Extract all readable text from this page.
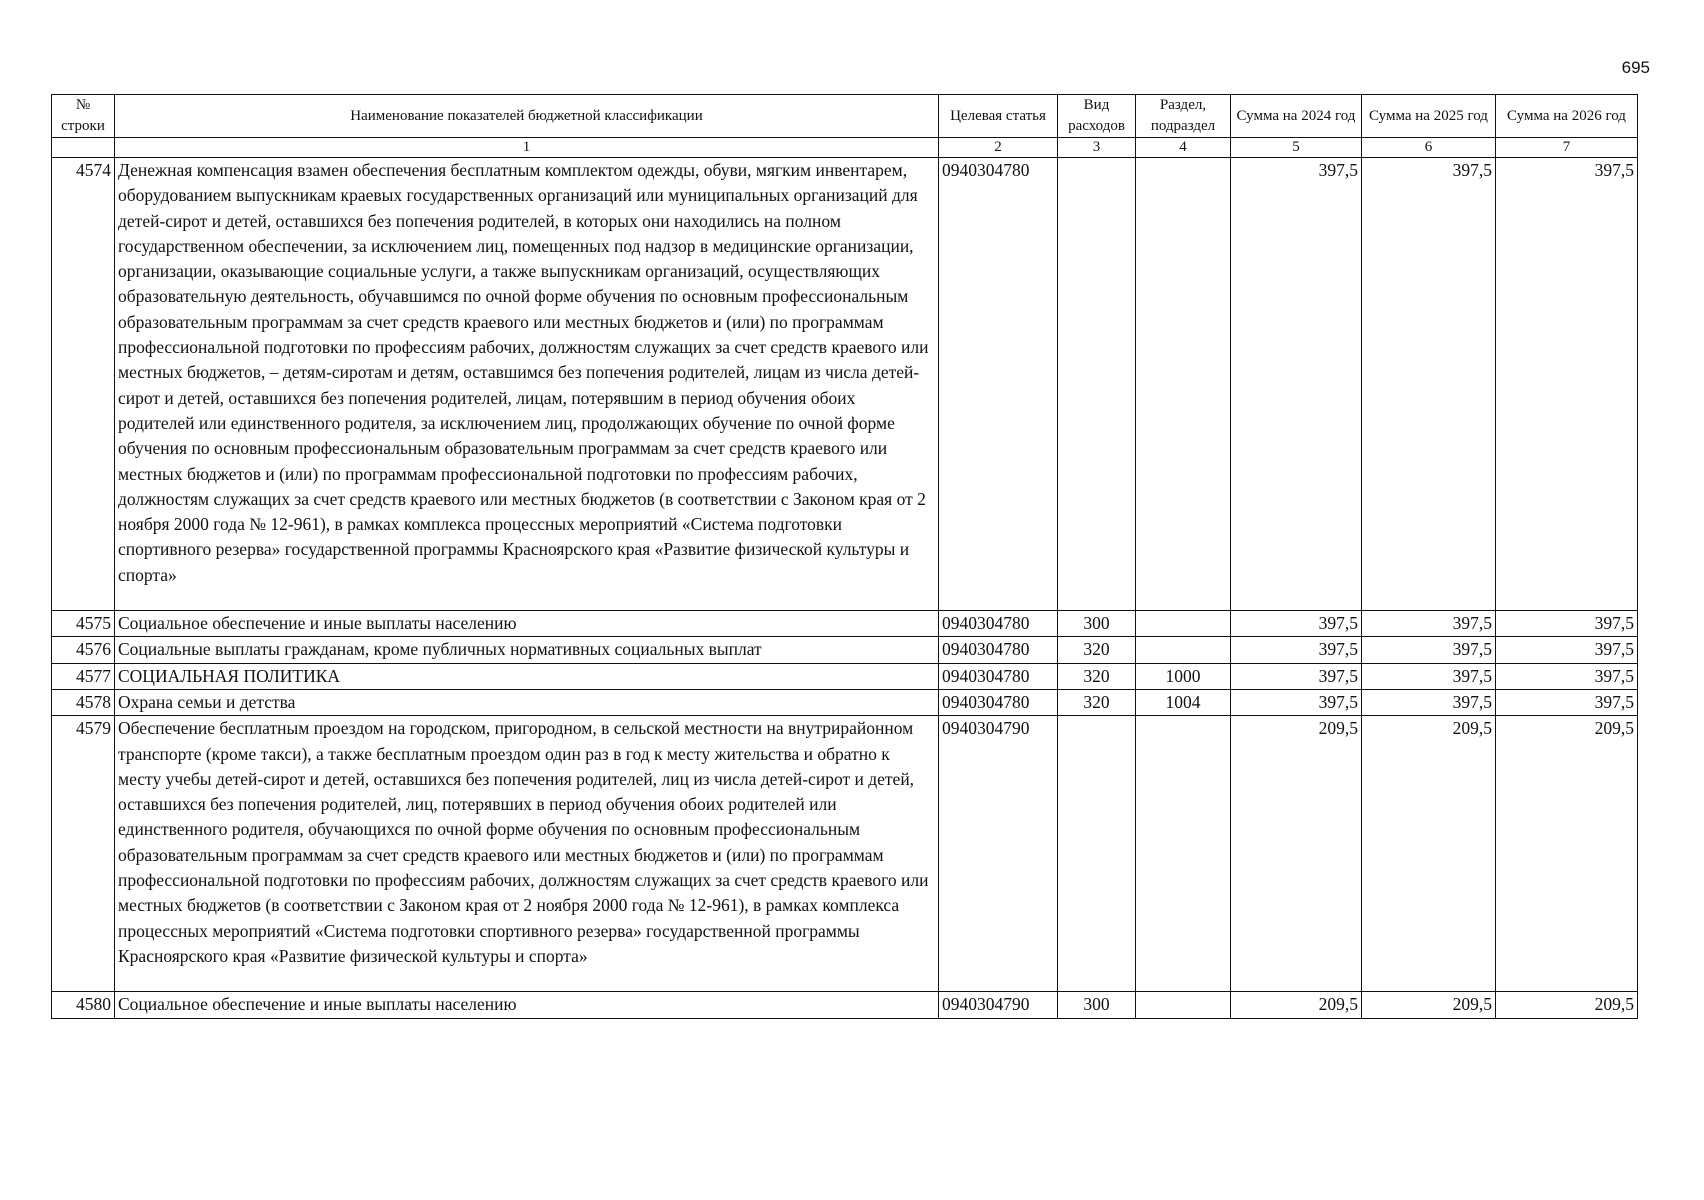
695
№ строки	Наименование показателей бюджетной классификации	Целевая статья	Вид расходов	Раздел, подраздел	Сумма на 2024 год	Сумма на 2025 год	Сумма на 2026 год
	1	2	3	4	5	6	7
4574	Денежная компенсация взамен обеспечения бесплатным комплектом одежды, обуви, мягким инвентарем, оборудованием выпускникам краевых государственных организаций или муниципальных организаций для детей-сирот и детей, оставшихся без попечения родителей, в которых они находились на полном государственном обеспечении, за исключением лиц, помещенных под надзор в медицинские организации, организации, оказывающие социальные услуги, а также выпускникам организаций, осуществляющих образовательную деятельность, обучавшимся по очной форме обучения по основным профессиональным образовательным программам за счет средств краевого или местных бюджетов и (или) по программам профессиональной подготовки по профессиям рабочих, должностям служащих за счет средств краевого или местных бюджетов, – детям-сиротам и детям, оставшимся без попечения родителей, лицам из числа детей-сирот и детей, оставшихся без попечения родителей, лицам, потерявшим в период обучения обоих родителей или единственного родителя, за исключением лиц, продолжающих обучение по очной форме обучения по основным профессиональным образовательным программам за счет средств краевого или местных бюджетов и (или) по программам профессиональной подготовки по профессиям рабочих, должностям служащих за счет средств краевого или местных бюджетов (в соответствии с Законом края от 2 ноября 2000 года № 12-961), в рамках комплекса процессных мероприятий «Система подготовки спортивного резерва» государственной программы Красноярского края «Развитие физической культуры и спорта»	0940304780			397,5	397,5	397,5
4575	Социальное обеспечение и иные выплаты населению	0940304780	300		397,5	397,5	397,5
4576	Социальные выплаты гражданам, кроме публичных нормативных социальных выплат	0940304780	320		397,5	397,5	397,5
4577	СОЦИАЛЬНАЯ ПОЛИТИКА	0940304780	320	1000	397,5	397,5	397,5
4578	Охрана семьи и детства	0940304780	320	1004	397,5	397,5	397,5
4579	Обеспечение бесплатным проездом на городском, пригородном, в сельской местности на внутрирайонном транспорте (кроме такси), а также бесплатным проездом один раз в год к месту жительства и обратно к месту учебы детей-сирот и детей, оставшихся без попечения родителей, лиц из числа детей-сирот и детей, оставшихся без попечения родителей, лиц, потерявших в период обучения обоих родителей или единственного родителя, обучающихся по очной форме обучения по основным профессиональным образовательным программам за счет средств краевого или местных бюджетов и (или) по программам профессиональной подготовки по профессиям рабочих, должностям служащих за счет средств краевого или местных бюджетов (в соответствии с Законом края от 2 ноября 2000 года № 12-961), в рамках комплекса процессных мероприятий «Система подготовки спортивного резерва» государственной программы Красноярского края «Развитие физической культуры и спорта»	0940304790			209,5	209,5	209,5
4580	Социальное обеспечение и иные выплаты населению	0940304790	300		209,5	209,5	209,5
